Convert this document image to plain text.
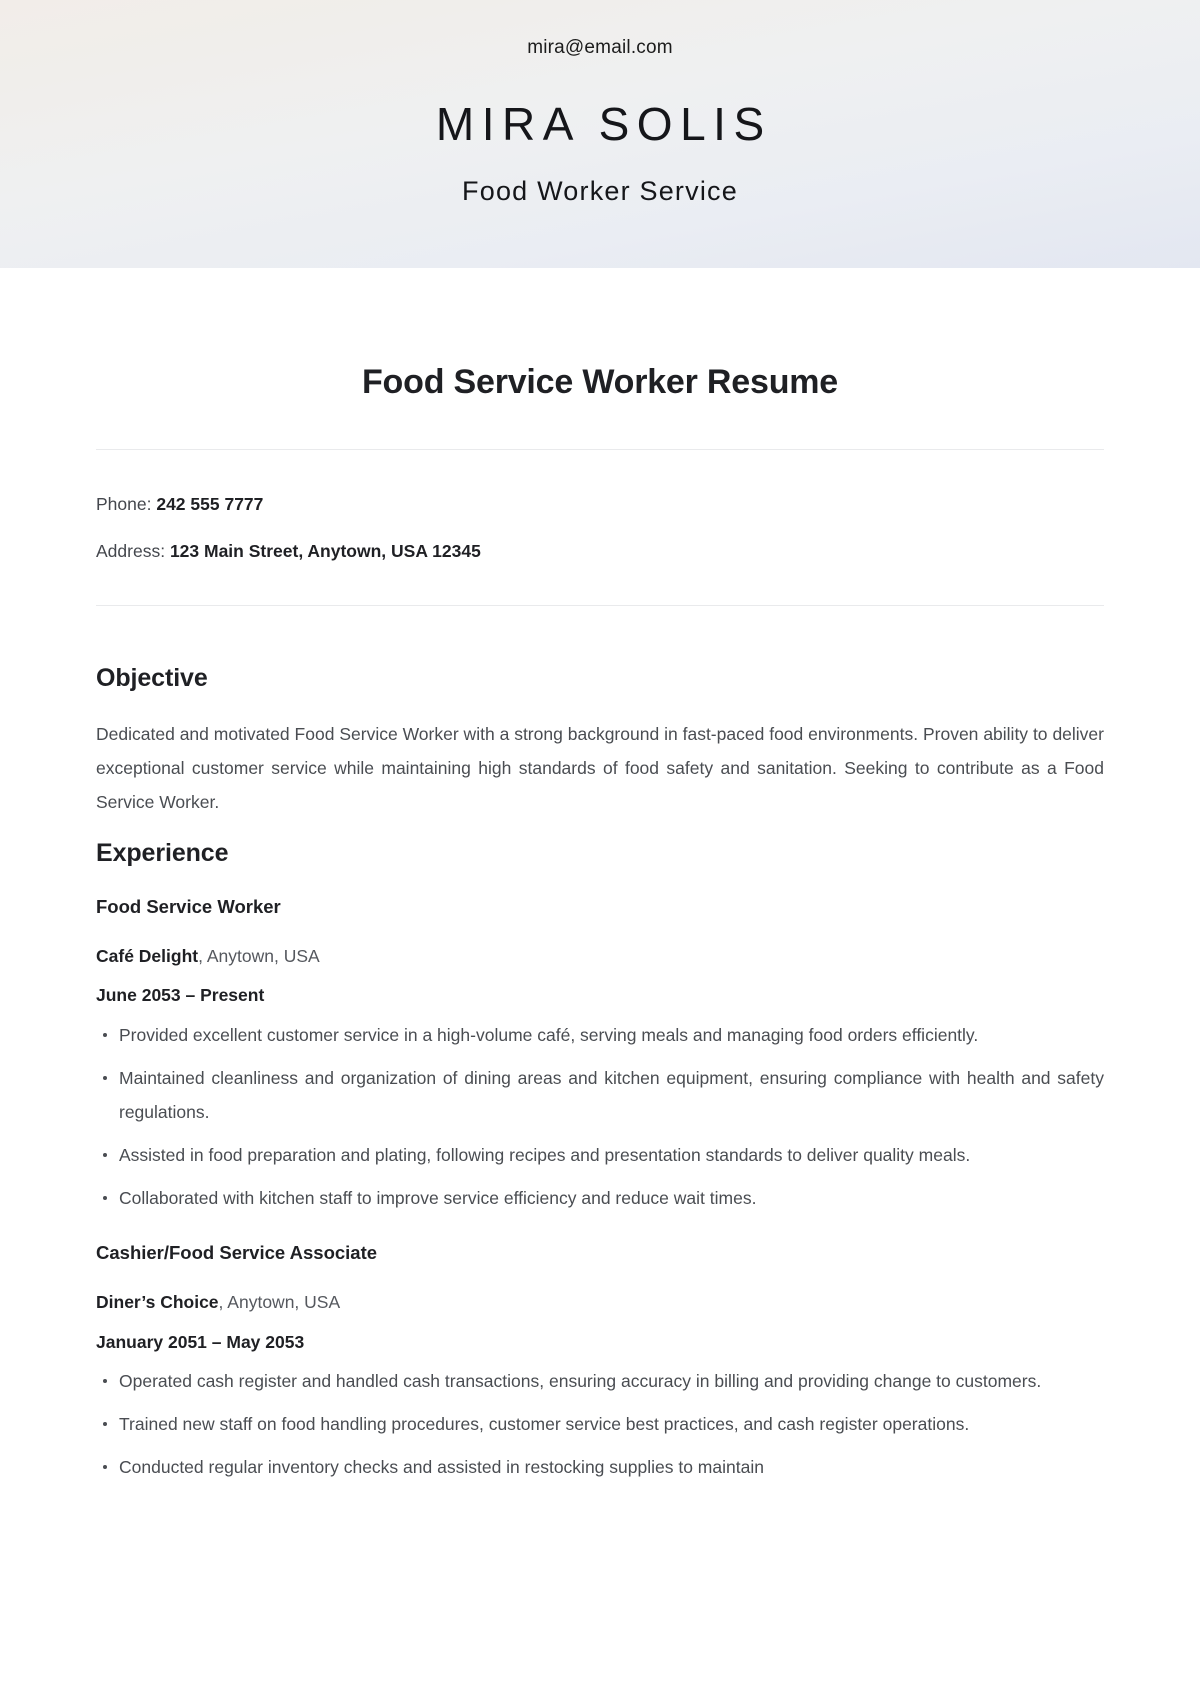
mira@email.com
MIRA SOLIS
Food Worker Service
Food Service Worker Resume
Phone: 242 555 7777
Address: 123 Main Street, Anytown, USA 12345
Objective

Dedicated and motivated Food Service Worker with a strong background in fast-paced food environments. Proven ability to deliver exceptional customer service while maintaining high standards of food safety and sanitation. Seeking to contribute as a Food Service Worker.

Experience
Food Service Worker
Café Delight, Anytown, USA
June 2053 – Present
Provided excellent customer service in a high-volume café, serving meals and managing food orders efficiently.
Maintained cleanliness and organization of dining areas and kitchen equipment, ensuring compliance with health and safety regulations.
Assisted in food preparation and plating, following recipes and presentation standards to deliver quality meals.
Collaborated with kitchen staff to improve service efficiency and reduce wait times.
Cashier/Food Service Associate
Diner’s Choice, Anytown, USA
January 2051 – May 2053
Operated cash register and handled cash transactions, ensuring accuracy in billing and providing change to customers.
Trained new staff on food handling procedures, customer service best practices, and cash register operations.
Conducted regular inventory checks and assisted in restocking supplies to maintain
